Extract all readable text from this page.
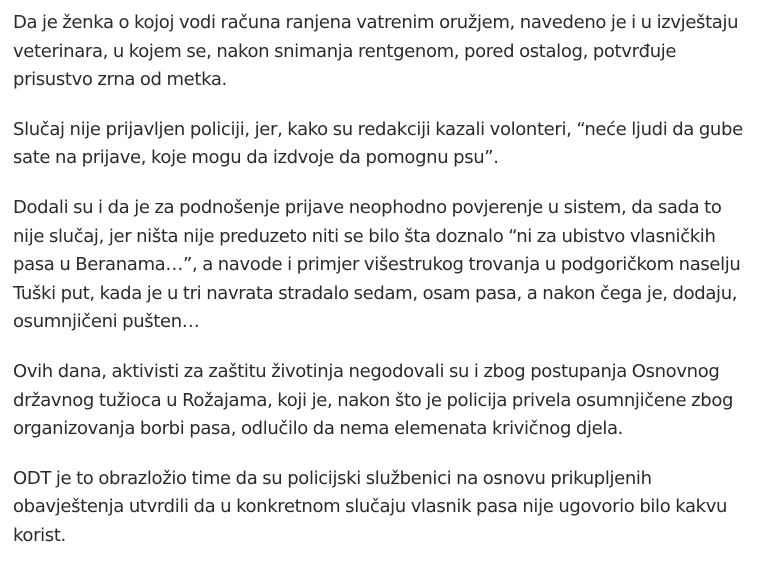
Da je ženka o kojoj vodi računa ranjena vatrenim oružjem, navedeno je i u izvještaju veterinara, u kojem se, nakon snimanja rentgenom, pored ostalog, potvrđuje prisustvo zrna od metka.

Slučaj nije prijavljen policiji, jer, kako su redakciji kazali volonteri, “neće ljudi da gube sate na prijave, koje mogu da izdvoje da pomognu psu”.

Dodali su i da je za podnošenje prijave neophodno povjerenje u sistem, da sada to nije slučaj, jer ništa nije preduzeto niti se bilo šta doznalo “ni za ubistvo vlasničkih pasa u Beranama…”, a navode i primjer višestrukog trovanja u podgoričkom naselju Tuški put, kada je u tri navrata stradalo sedam, osam pasa, a nakon čega je, dodaju, osumnjičeni pušten…

Ovih dana, aktivisti za zaštitu životinja negodovali su i zbog postupanja Osnovnog državnog tužioca u Rožajama, koji je, nakon što je policija privela osumnjičene zbog organizovanja borbi pasa, odlučilo da nema elemenata krivičnog djela.

ODT je to obrazložio time da su policijski službenici na osnovu prikupljenih obavještenja utvrdili da u konkretnom slučaju vlasnik pasa nije ugovorio bilo kakvu korist.
